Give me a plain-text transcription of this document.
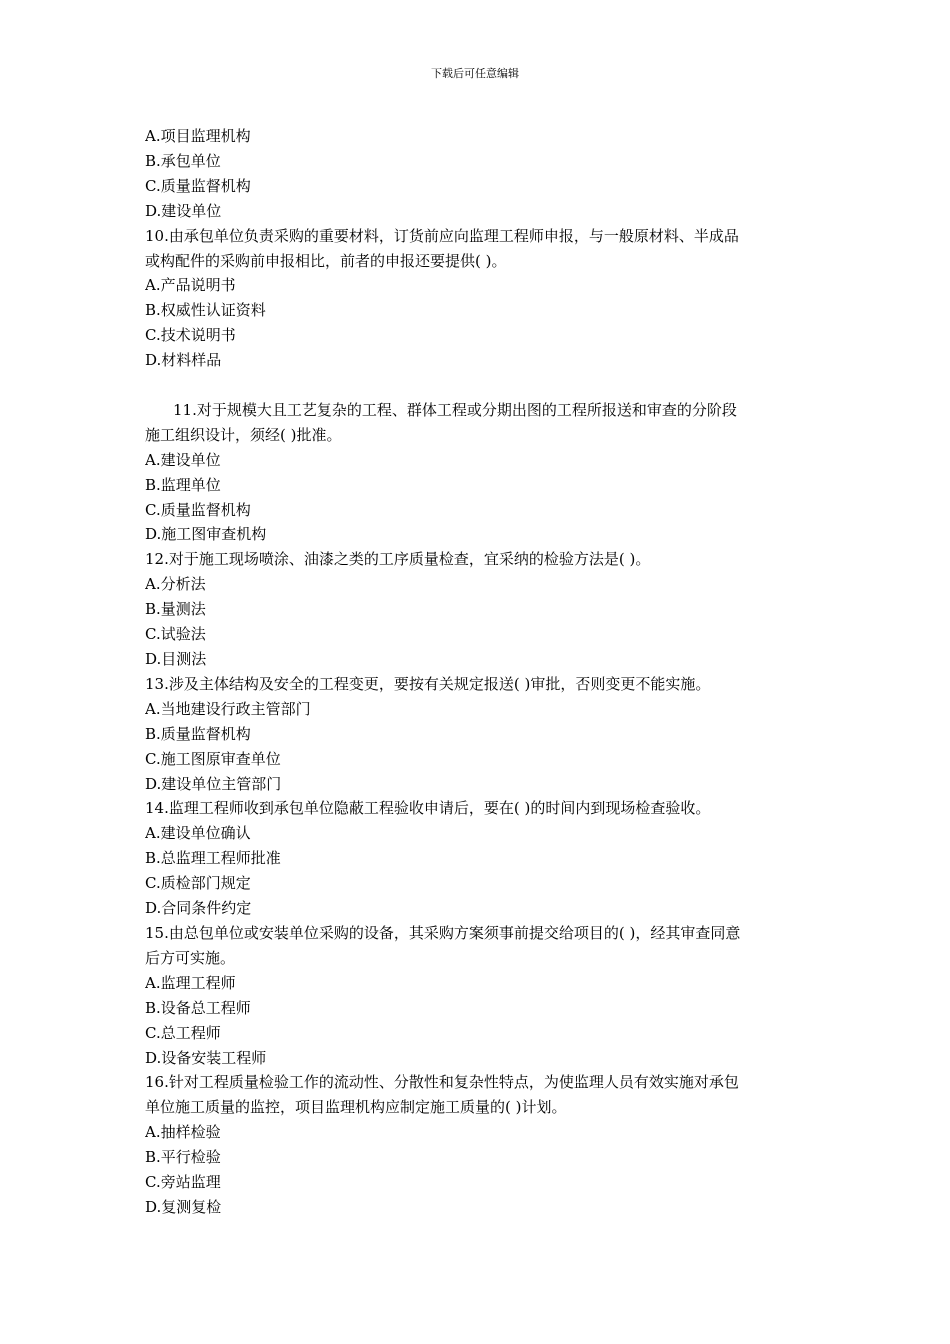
下载后可任意编辑
A.项目监理机构
B.承包单位
C.质量监督机构
D.建设单位
10.由承包单位负责采购的重要材料，订货前应向监理工程师申报，与一般原材料、半成品
或构配件的采购前申报相比，前者的申报还要提供( )。
A.产品说明书
B.权威性认证资料
C.技术说明书
D.材料样品
11.对于规模大且工艺复杂的工程、群体工程或分期出图的工程所报送和审查的分阶段
施工组织设计，须经( )批准。
A.建设单位
B.监理单位
C.质量监督机构
D.施工图审查机构
12.对于施工现场喷涂、油漆之类的工序质量检查，宜采纳的检验方法是( )。
A.分析法
B.量测法
C.试验法
D.目测法
13.涉及主体结构及安全的工程变更，要按有关规定报送( )审批，否则变更不能实施。
A.当地建设行政主管部门
B.质量监督机构
C.施工图原审查单位
D.建设单位主管部门
14.监理工程师收到承包单位隐蔽工程验收申请后，要在( )的时间内到现场检查验收。
A.建设单位确认
B.总监理工程师批准
C.质检部门规定
D.合同条件约定
15.由总包单位或安装单位采购的设备，其采购方案须事前提交给项目的( )，经其审查同意
后方可实施。
A.监理工程师
B.设备总工程师
C.总工程师
D.设备安装工程师
16.针对工程质量检验工作的流动性、分散性和复杂性特点，为使监理人员有效实施对承包
单位施工质量的监控，项目监理机构应制定施工质量的( )计划。
A.抽样检验
B.平行检验
C.旁站监理
D.复测复检
